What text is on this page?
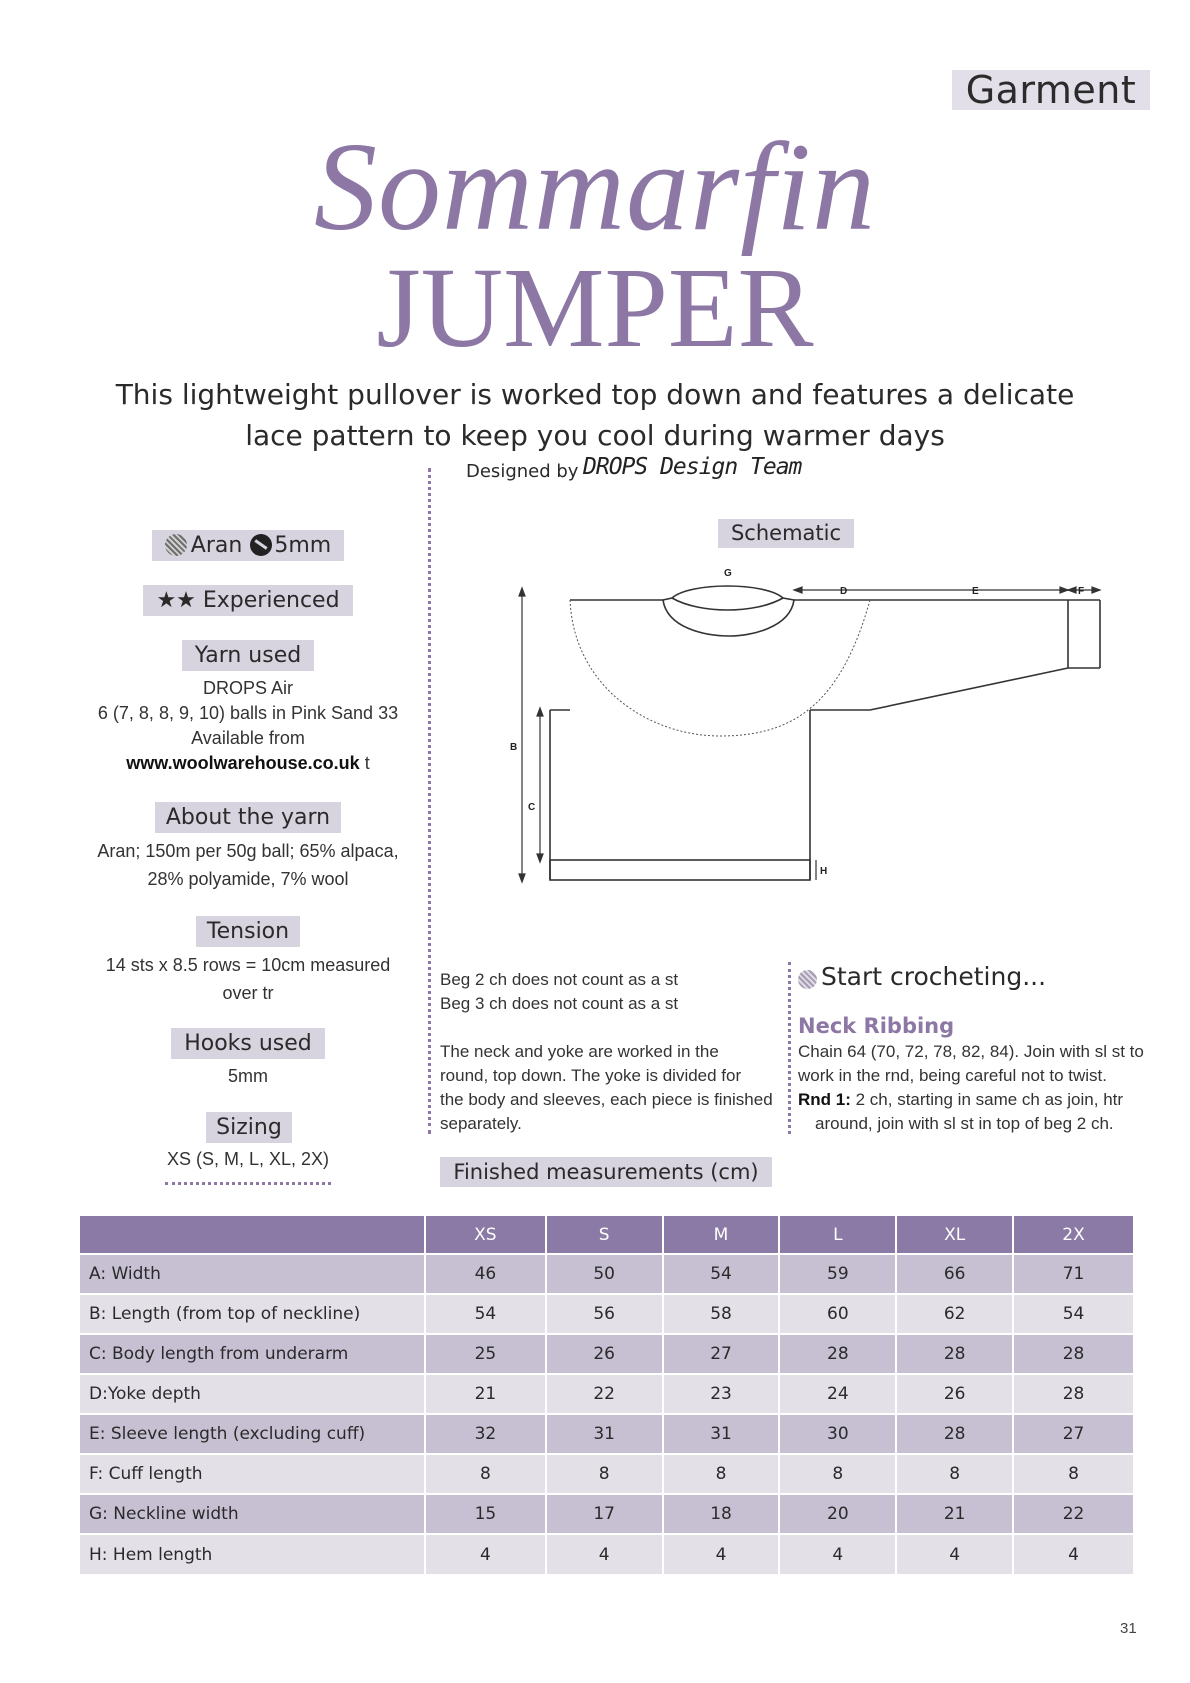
Garment
Sommarfin
JUMPER
This lightweight pullover is worked top down and features a delicate lace pattern to keep you cool during warmer days
Designed by DROPS Design Team
Aran 5mm
★★ Experienced
Yarn used
DROPS Air
6 (7, 8, 8, 9, 10) balls in Pink Sand 33
Available from
www.woolwarehouse.co.uk t
About the yarn
Aran; 150m per 50g ball; 65% alpaca,
28% polyamide, 7% wool
Tension
14 sts x 8.5 rows = 10cm measured
over tr
Hooks used
5mm
Sizing
XS (S, M, L, XL, 2X)
Schematic
B
C
G
D	E	F
H
Beg 2 ch does not count as a st
Beg 3 ch does not count as a st
The neck and yoke are worked in the
round, top down. The yoke is divided for
the body and sleeves, each piece is finished
separately.
Start crocheting...
Neck Ribbing
Chain 64 (70, 72, 78, 82, 84). Join with sl st to
work in the rnd, being careful not to twist.
Rnd 1: 2 ch, starting in same ch as join, htr
around, join with sl st in top of beg 2 ch.
Finished measurements (cm)
	XS	S	M	L	XL	2X
A: Width	46	50	54	59	66	71
B: Length (from top of neckline)	54	56	58	60	62	54
C: Body length from underarm	25	26	27	28	28	28
D:Yoke depth	21	22	23	24	26	28
E: Sleeve length (excluding cuff)	32	31	31	30	28	27
F: Cuff length	8	8	8	8	8	8
G: Neckline width	15	17	18	20	21	22
H: Hem length	4	4	4	4	4	4
31
